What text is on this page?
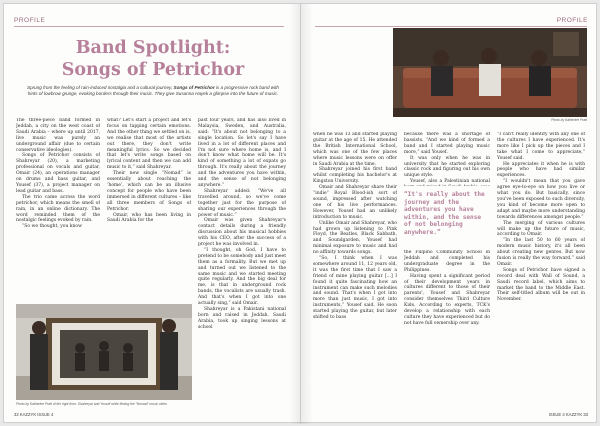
PROFILE
Band Spotlight:
Songs of Petrichor
Sprung from the feeling of rain-induced nostalgia and a cultural journey, Songs of Petrichor is a progressive rock band with hints of lowbrow grunge, evoking borders through their music. They give Susanna Hayek a glimpse into the future of music.

The three-piece band formed in Jeddah, a city on the west coast of Saudi Arabia – where up until 2017, live music was purely an underground affair (due to certain conservative ideologies).

Songs of Petrichor consists of Shahreyar (20), a marketing professional on vocals and guitar, Omair (24), an operations manager on drums and bass guitar, and Yousef (37), a project manager on lead guitar and bass.

The trio came across the word petrichor, which means the smell of rain, in an online dictionary. The word reminded them of the nostalgic feelings evoked by rain.

“So we thought, you know

what? Let's start a project and let's focus on tapping certain emotions. And the other thing we settled on is, we realise that most of the artists out there, they don't write meaningful lyrics. So we decided that let's write songs based on lyrical content and then we can add music to it,” said Shahreyar.

Their new single “Nomad” is essentially about reaching the ‘home’, which can be an illusive concept for people who have been immersed in different cultures – like all three members of Songs of Petrichor.

Omair, who has been living in Saudi Arabia for the

past four years, and has also lived in Malaysia, Sweden, and Australia, said: “It's about not belonging to a single location. So let's say I have lived in a lot of different places and I'm not sure where home is, and I don't know what home will be. It's kind of something a lot of expats go through. It's really about the journey and the adventures you have within, and the sense of not belonging anywhere.”

Shahreyar added: “We've all travelled around, so we've come together just for the purpose of sharing our experiences through the power of music.”

Omair was given Shahreyar's contact details during a friendly discussion about his musical hobbies with his CEO, after the success of a project he was involved in.

“I thought, oh God, I have to pretend to be somebody and just meet them as a formality. But we met up and turned out we listened to the same music and we started meeting quite regularly. And the big deal for me, is that in underground rock bands, the vocalists are usually trash. And that's when I got into one actually sing,” said Omair.

Shahreyar is a Pakistani national born and raised in Jeddah. Saudi Arabia, took up singing lessons at school

Photo by Katherine Pratt of the right from: Shahreyar and Yousef while filming the "Nomad" music video
32 KAZZYK ISSUE 4
PROFILE
Photo by Katherine Pratt

when he was 13 and started playing guitar at the age of 15. He attended the British International School, which was one of the few places where music lessons were on offer in Saudi Arabia at the time.

Shahreyar joined his first band whilst completing his bachelor's at Kingston University.

Omair and Shahreyar share their “indie” Royal Blood-ish sort of sound, impressed after watching one of his live performances. However, Yousef had an unlikely introduction to music.

Unlike Omair and Shahreyar, who had grown up listening to Pink Floyd, the Beatles, Black Sabbath, and Soundgarden, Yousef had minimal exposure to music and had no affinity towards songs.

“So, I think when I was somewhere around 11, 12 years old, it was the first time that I saw a friend of mine playing guitar [...] I found it quite fascinating how an instrument can make such melodies and sound. That's when I got into more than just music, I got into instruments,” Yousef said. He soon started playing the guitar, but later shifted to bass

because there was a shortage of bassists. “And we kind of formed a band and I started playing music more,” said Yousef.

It was only when he was in university that he started exploring classic rock and figuring out his own unique style.

Yousef, also a Palestinian national

“It's really about the journey and the adventures you have within, and the sense of not belonging anywhere.”

the Filipino Community School in Jeddah and completed his undergraduate degree in the Philippines.

Having spent a significant period of their development years in cultures different to those of their parents', Yousef and Shahreyar consider themselves Third Culture Kids. According to experts, TCK's develop a relationship with each culture they have experienced but do not have full ownership over any.

“I can't really identify with any one of the cultures I have experienced. It's more like I pick up the pieces and I take what I come to appreciate,” Yousef said.

He appreciates it when he is with people who have had similar experiences.

“I wouldn't mean that you gave agree eye-to-eye on how you live or what you do. But basically, since you've been exposed to such diversity, you kind of become more open to adapt and maybe more understanding towards differences amongst people.”

The merging of various cultures will make up the future of music, according to Omair.

“In the last 50 to 60 years of modern music history, it's all been about creating new genres. But now fusion is really the way forward,” said Omair.

Songs of Petrichor have signed a record deal with Wall of Sound, a Saudi record label, which aims to market the band to the Middle East. Their self-titled album will be out in November.

ISSUE 4 KAZZYK 33
